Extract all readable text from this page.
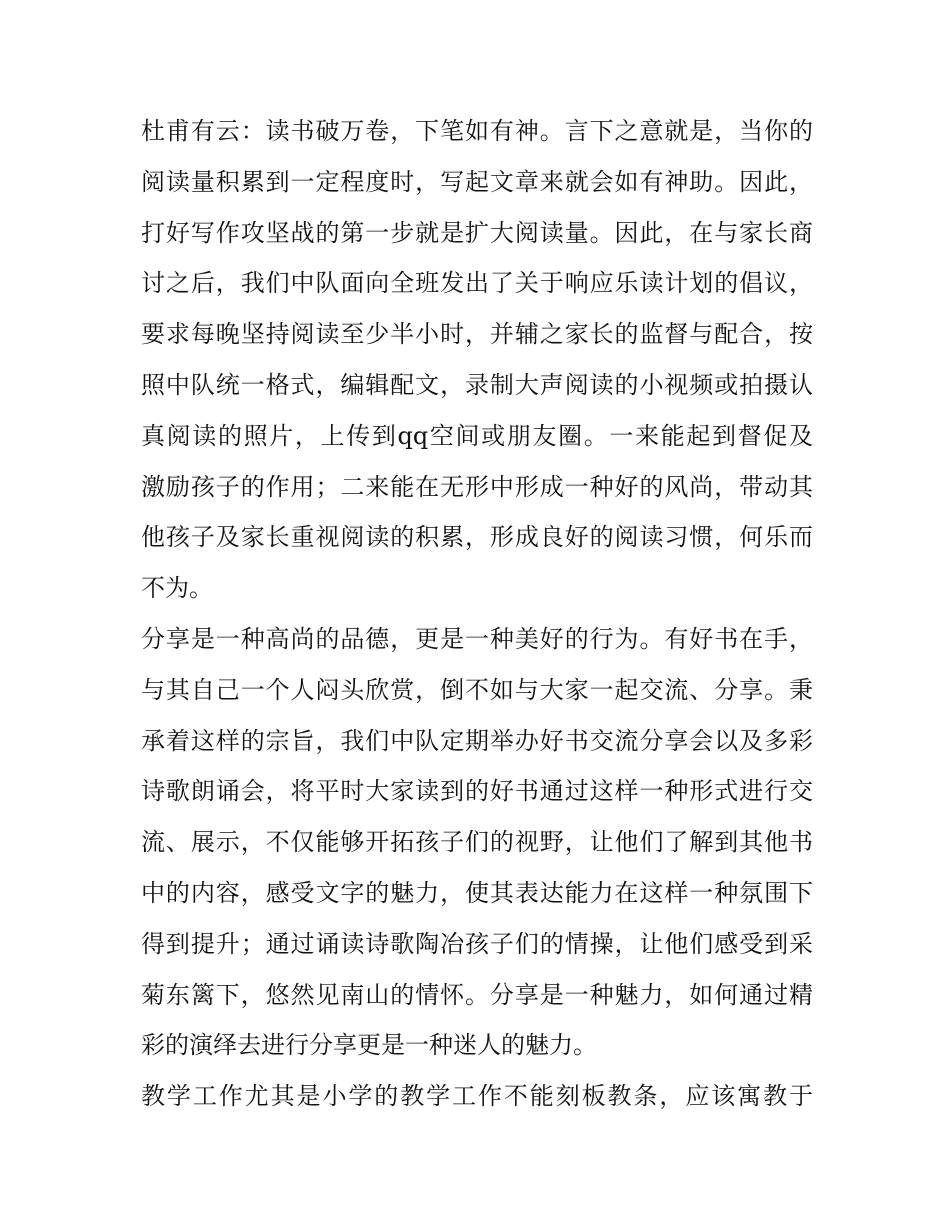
杜甫有云：读书破万卷，下笔如有神。言下之意就是，当你的
阅读量积累到一定程度时，写起文章来就会如有神助。因此，
打好写作攻坚战的第一步就是扩大阅读量。因此，在与家长商
讨之后，我们中队面向全班发出了关于响应乐读计划的倡议，
要求每晚坚持阅读至少半小时，并辅之家长的监督与配合，按
照中队统一格式，编辑配文，录制大声阅读的小视频或拍摄认
真阅读的照片，上传到qq空间或朋友圈。一来能起到督促及
激励孩子的作用；二来能在无形中形成一种好的风尚，带动其
他孩子及家长重视阅读的积累，形成良好的阅读习惯，何乐而
不为。
分享是一种高尚的品德，更是一种美好的行为。有好书在手，
与其自己一个人闷头欣赏，倒不如与大家一起交流、分享。秉
承着这样的宗旨，我们中队定期举办好书交流分享会以及多彩
诗歌朗诵会，将平时大家读到的好书通过这样一种形式进行交
流、展示，不仅能够开拓孩子们的视野，让他们了解到其他书
中的内容，感受文字的魅力，使其表达能力在这样一种氛围下
得到提升；通过诵读诗歌陶冶孩子们的情操，让他们感受到采
菊东篱下，悠然见南山的情怀。分享是一种魅力，如何通过精
彩的演绎去进行分享更是一种迷人的魅力。
教学工作尤其是小学的教学工作不能刻板教条，应该寓教于
